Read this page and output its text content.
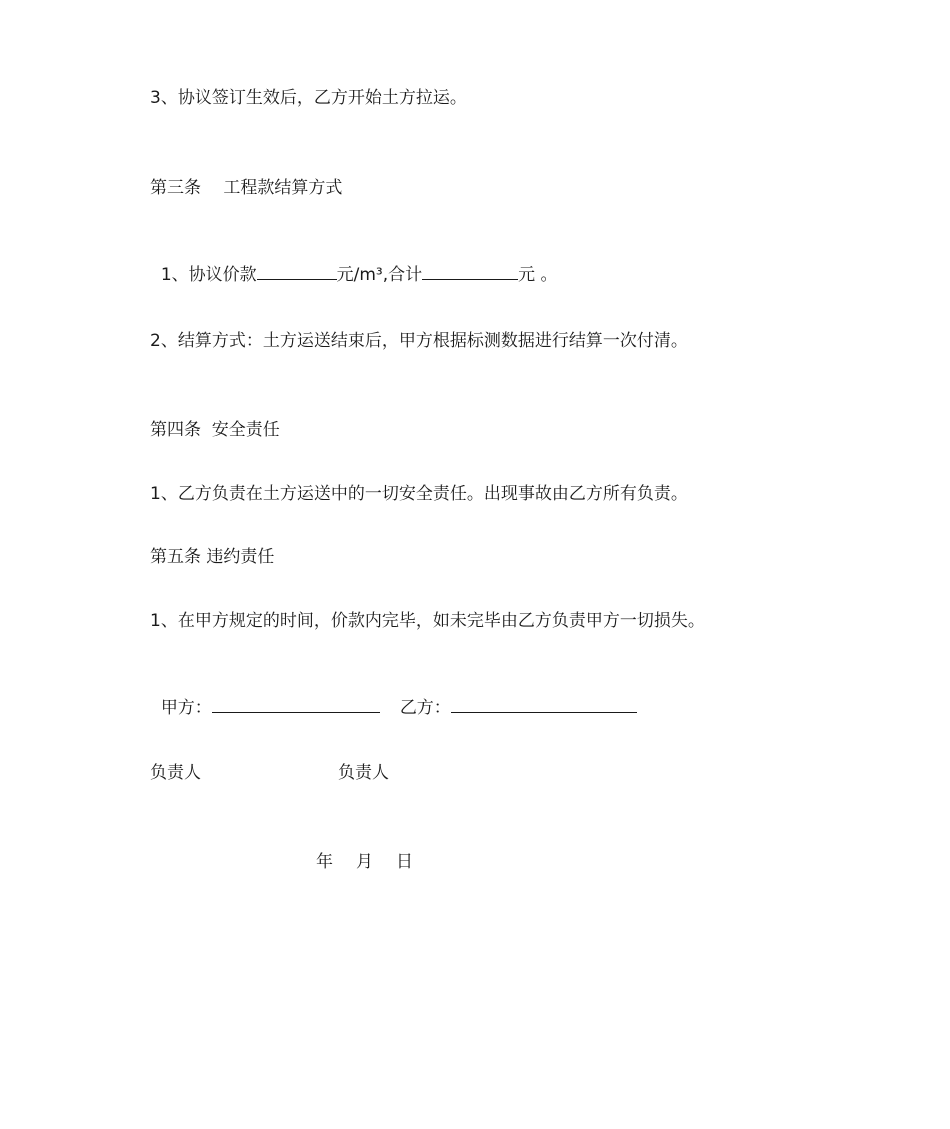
3、协议签订生效后，乙方开始土方拉运。
第三条　 工程款结算方式

1、协议价款	元/m³,合计	元 。

2、结算方式：土方运送结束后，甲方根据标测数据进行结算一次付清。
第四条  安全责任
1、乙方负责在土方运送中的一切安全责任。出现事故由乙方所有负责。
第五条 违约责任
1、在甲方规定的时间，价款内完毕，如未完毕由乙方负责甲方一切损失。

甲方：	乙方：

负责人	负责人
年 月 日
